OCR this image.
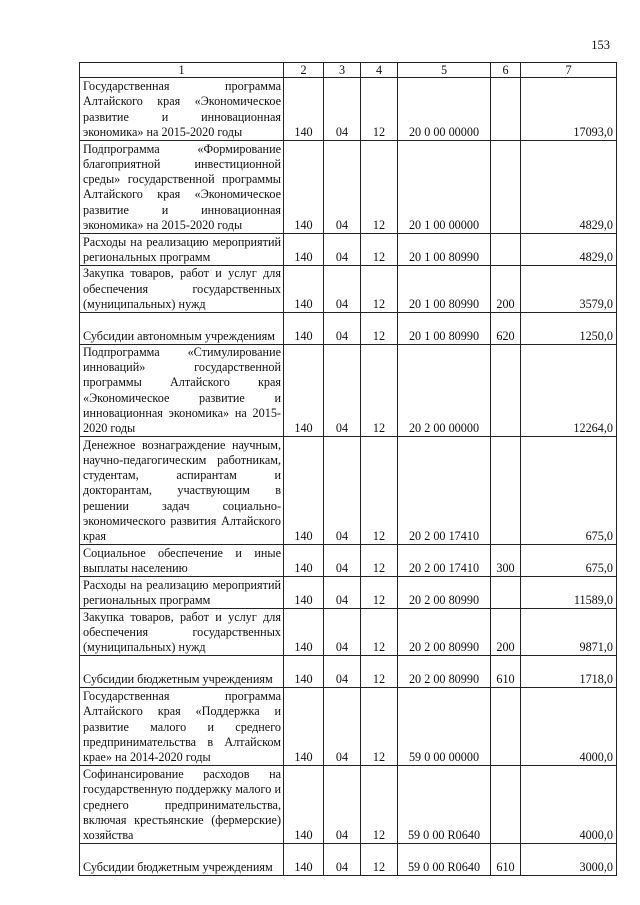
153
1	2	3	4	5	6	7
Государственная программа Алтайского края «Экономическое развитие и инновационная экономика» на 2015-2020 годы	140	04	12	20 0 00 00000		17093,0
Подпрограмма «Формирование благоприятной инвестиционной среды» государственной программы Алтайского края «Экономическое развитие и инновационная экономика» на 2015-2020 годы	140	04	12	20 1 00 00000		4829,0
Расходы на реализацию мероприятий региональных программ	140	04	12	20 1 00 80990		4829,0
Закупка товаров, работ и услуг для обеспечения государственных (муниципальных) нужд	140	04	12	20 1 00 80990	200	3579,0
Субсидии автономным учреждениям	140	04	12	20 1 00 80990	620	1250,0
Подпрограмма «Стимулирование инноваций» государственной программы Алтайского края «Экономическое развитие и инновационная экономика» на 2015-2020 годы	140	04	12	20 2 00 00000		12264,0
Денежное вознаграждение научным, научно-педагогическим работникам, студентам, аспирантам и докторантам, участвующим в решении задач социально-экономического развития Алтайского края	140	04	12	20 2 00 17410		675,0
Социальное обеспечение и иные выплаты населению	140	04	12	20 2 00 17410	300	675,0
Расходы на реализацию мероприятий региональных программ	140	04	12	20 2 00 80990		11589,0
Закупка товаров, работ и услуг для обеспечения государственных (муниципальных) нужд	140	04	12	20 2 00 80990	200	9871,0
Субсидии бюджетным учреждениям	140	04	12	20 2 00 80990	610	1718,0
Государственная программа Алтайского края «Поддержка и развитие малого и среднего предпринимательства в Алтайском крае» на 2014-2020 годы	140	04	12	59 0 00 00000		4000,0
Софинансирование расходов на государственную поддержку малого и среднего предпринимательства, включая крестьянские (фермерские) хозяйства	140	04	12	59 0 00 R0640		4000,0
Субсидии бюджетным учреждениям	140	04	12	59 0 00 R0640	610	3000,0
